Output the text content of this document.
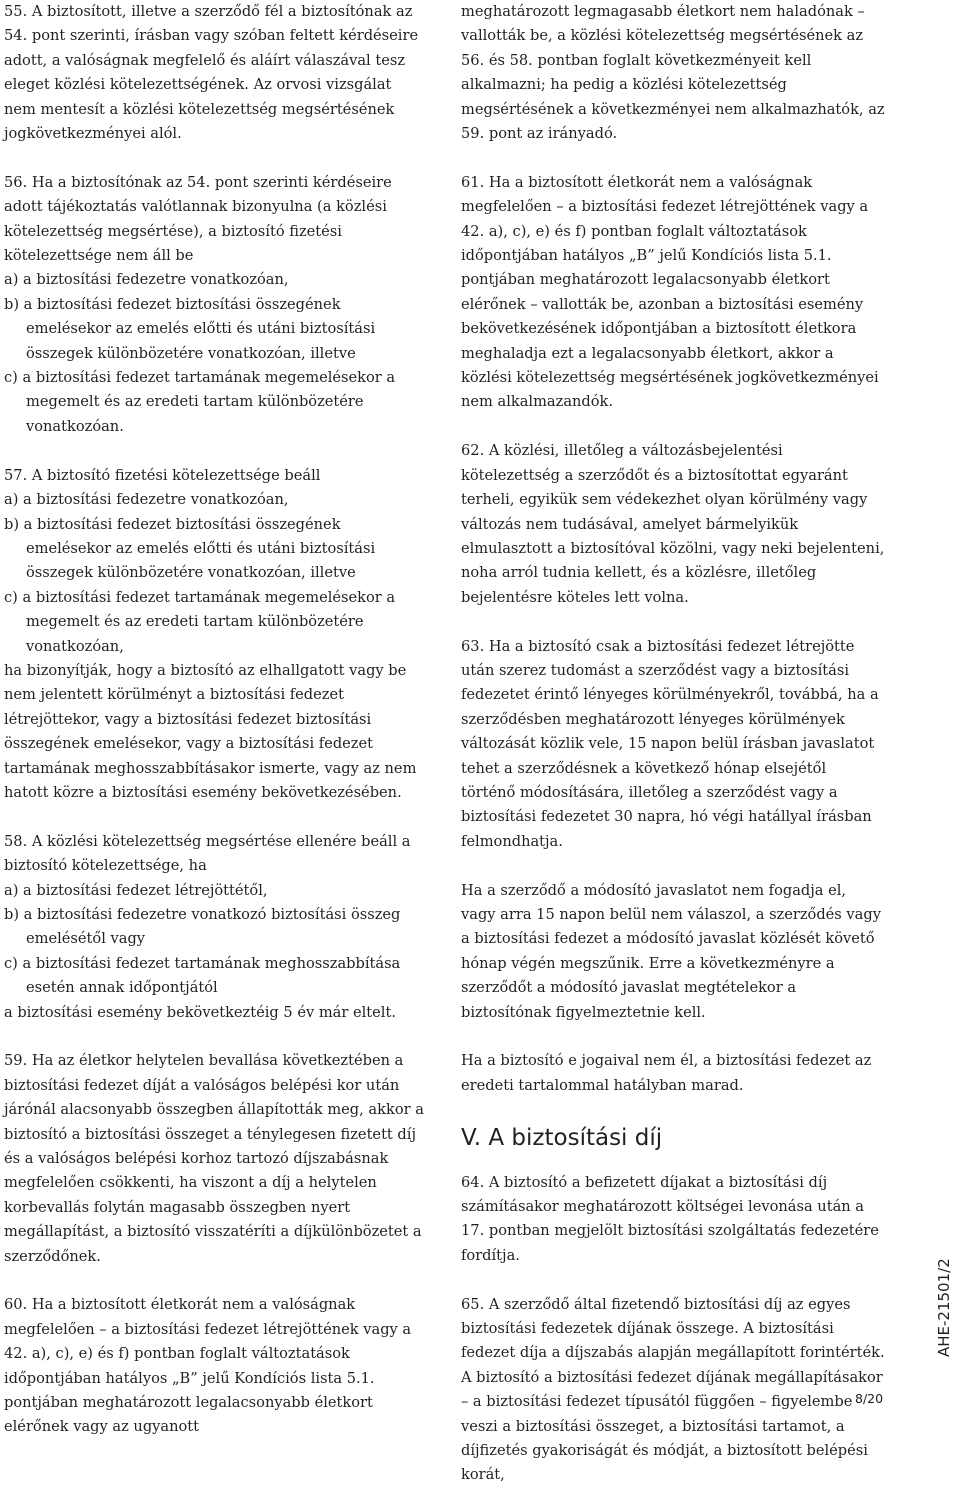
55. A biztosított, illetve a szerződő fél a biztosítónak az 54. pont szerinti, írásban vagy szóban feltett kérdéseire adott, a valóságnak megfelelő és aláírt válaszával tesz eleget közlési kötelezettségének. Az orvosi vizsgálat nem mentesít a közlési kötelezettség megsértésének jogkövetkezményei alól.

56. Ha a biztosítónak az 54. pont szerinti kérdéseire adott tájékoztatás valótlannak bizonyulna (a közlési kötelezettség megsértése), a biztosító fizetési kötelezettsége nem áll be
a) a biztosítási fedezetre vonatkozóan,
b) a biztosítási fedezet biztosítási összegének emelésekor az emelés előtti és utáni biztosítási összegek különbözetére vonatkozóan, illetve
c) a biztosítási fedezet tartamának megemelésekor a megemelt és az eredeti tartam különbözetére vonatkozóan.
57. A biztosító fizetési kötelezettsége beáll
a) a biztosítási fedezetre vonatkozóan,
b) a biztosítási fedezet biztosítási összegének emelésekor az emelés előtti és utáni biztosítási összegek különbözetére vonatkozóan, illetve
c) a biztosítási fedezet tartamának megemelésekor a megemelt és az eredeti tartam különbözetére vonatkozóan,
ha bizonyítják, hogy a biztosító az elhallgatott vagy be nem jelentett körülményt a biztosítási fedezet létrejöttekor, vagy a biztosítási fedezet biztosítási összegének emelésekor, vagy a biztosítási fedezet tartamának meghosszabbításakor ismerte, vagy az nem hatott közre a biztosítási esemény bekövetkezésében.
58. A közlési kötelezettség megsértése ellenére beáll a biztosító kötelezettsége, ha
a) a biztosítási fedezet létrejöttétől,
b) a biztosítási fedezetre vonatkozó biztosítási összeg emelésétől vagy
c) a biztosítási fedezet tartamának meghosszabbítása esetén annak időpontjától
a biztosítási esemény bekövetkeztéig 5 év már eltelt.

59. Ha az életkor helytelen bevallása következtében a biztosítási fedezet díját a valóságos belépési kor után járónál alacsonyabb összegben állapították meg, akkor a biztosító a biztosítási összeget a ténylegesen fizetett díj és a valóságos belépési korhoz tartozó díjszabásnak megfelelően csökkenti, ha viszont a díj a helytelen korbevallás folytán magasabb összegben nyert megállapítást, a biztosító visszatéríti a díjkülönbözetet a szerződőnek.

60. Ha a biztosított életkorát nem a valóságnak megfelelően – a biztosítási fedezet létrejöttének vagy a 42. a), c), e) és f) pontban foglalt változtatások időpontjában hatályos „B” jelű Kondíciós lista 5.1. pontjában meghatározott legalacsonyabb életkort elérőnek vagy az ugyanott

meghatározott legmagasabb életkort nem haladónak – vallották be, a közlési kötelezettség megsértésének az 56. és 58. pontban foglalt következményeit kell alkalmazni; ha pedig a közlési kötelezettség megsértésének a következményei nem alkalmazhatók, az 59. pont az irányadó.

61. Ha a biztosított életkorát nem a valóságnak megfelelően – a biztosítási fedezet létrejöttének vagy a 42. a), c), e) és f) pontban foglalt változtatások időpontjában hatályos „B” jelű Kondíciós lista 5.1. pontjában meghatározott legalacsonyabb életkort elérőnek – vallották be, azonban a biztosítási esemény bekövetkezésének időpontjában a biztosított életkora meghaladja ezt a legalacsonyabb életkort, akkor a közlési kötelezettség megsértésének jogkövetkezményei nem alkalmazandók.

62. A közlési, illetőleg a változásbejelentési kötelezettség a szerződőt és a biztosítottat egyaránt terheli, egyikük sem védekezhet olyan körülmény vagy változás nem tudásával, amelyet bármelyikük elmulasztott a biztosítóval közölni, vagy neki bejelenteni, noha arról tudnia kellett, és a közlésre, illetőleg bejelentésre köteles lett volna.

63. Ha a biztosító csak a biztosítási fedezet létrejötte után szerez tudomást a szerződést vagy a biztosítási fedezetet érintő lényeges körülményekről, továbbá, ha a szerződésben meghatározott lényeges körülmények változását közlik vele, 15 napon belül írásban javaslatot tehet a szerződésnek a következő hónap elsejétől történő módosítására, illetőleg a szerződést vagy a biztosítási fedezetet 30 napra, hó végi hatállyal írásban felmondhatja.

Ha a szerződő a módosító javaslatot nem fogadja el, vagy arra 15 napon belül nem válaszol, a szerződés vagy a biztosítási fedezet a módosító javaslat közlését követő hónap végén megszűnik. Erre a következményre a szerződőt a módosító javaslat megtételekor a biztosítónak figyelmeztetnie kell.

Ha a biztosító e jogaival nem él, a biztosítási fedezet az eredeti tartalommal hatályban marad.

V. A biztosítási díj

64. A biztosító a befizetett díjakat a biztosítási díj számításakor meghatározott költségei levonása után a 17. pontban megjelölt biztosítási szolgáltatás fedezetére fordítja.

65. A szerződő által fizetendő biztosítási díj az egyes biztosítási fedezetek díjának összege. A biztosítási fedezet díja a díjszabás alapján megállapított forintérték. A biztosító a biztosítási fedezet díjának megállapításakor – a biztosítási fedezet típusától függően – figyelembe veszi a biztosítási összeget, a biztosítási tartamot, a díjfizetés gyakoriságát és módját, a biztosított belépési korát,

AHE-21501/2
8/20
